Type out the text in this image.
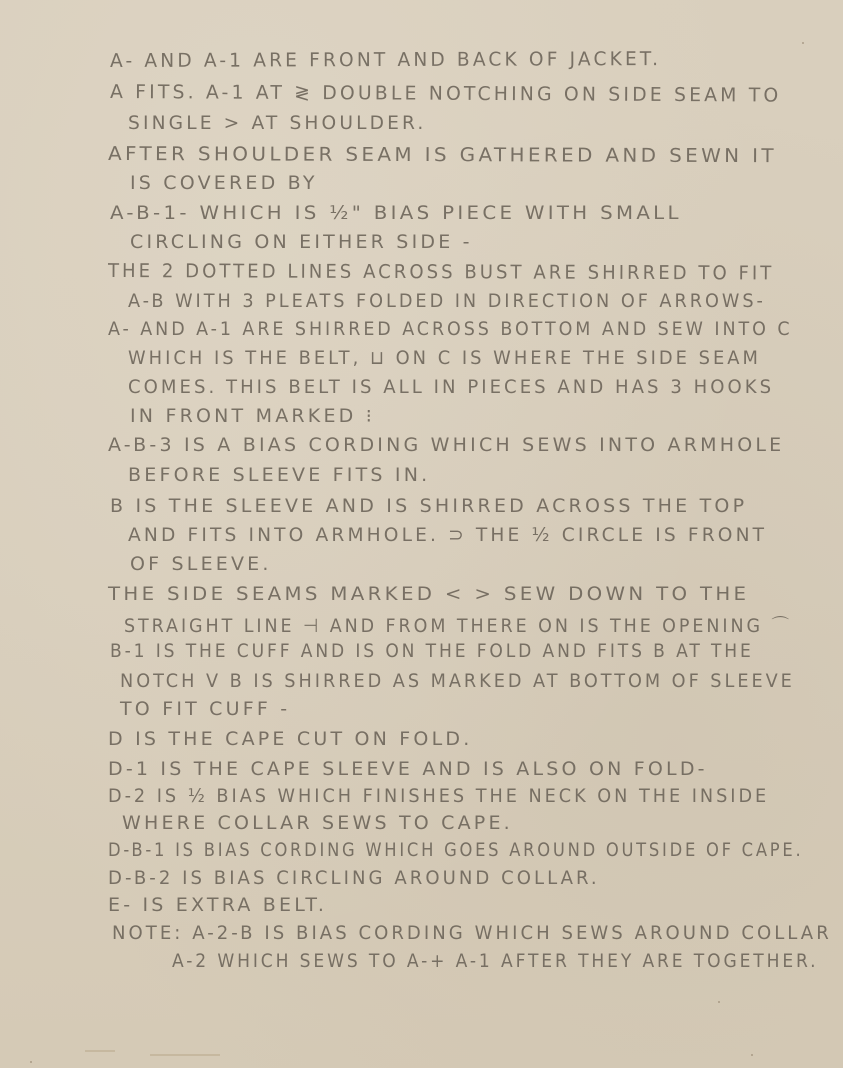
A- AND A-1 ARE FRONT AND BACK OF JACKET.
A FITS. A-1 AT ≷ DOUBLE NOTCHING ON SIDE SEAM TO
SINGLE > AT SHOULDER.
AFTER SHOULDER SEAM IS GATHERED AND SEWN IT
IS COVERED BY
A-B-1- WHICH IS ½" BIAS PIECE WITH SMALL
CIRCLING ON EITHER SIDE -
THE 2 DOTTED LINES ACROSS BUST ARE SHIRRED TO FIT
A-B WITH 3 PLEATS FOLDED IN DIRECTION OF ARROWS-
A- AND A-1 ARE SHIRRED ACROSS BOTTOM AND SEW INTO C
WHICH IS THE BELT, ⊔ ON C IS WHERE THE SIDE SEAM
COMES. THIS BELT IS ALL IN PIECES AND HAS 3 HOOKS
IN FRONT MARKED ⁝
A-B-3 IS A BIAS CORDING WHICH SEWS INTO ARMHOLE
BEFORE SLEEVE FITS IN.
B IS THE SLEEVE AND IS SHIRRED ACROSS THE TOP
AND FITS INTO ARMHOLE. ⊃ THE ½ CIRCLE IS FRONT
OF SLEEVE.
THE SIDE SEAMS MARKED < > SEW DOWN TO THE
STRAIGHT LINE ⊣ AND FROM THERE ON IS THE OPENING ⌒
B-1 IS THE CUFF AND IS ON THE FOLD AND FITS B AT THE
NOTCH V B IS SHIRRED AS MARKED AT BOTTOM OF SLEEVE
TO FIT CUFF -
D IS THE CAPE CUT ON FOLD.
D-1 IS THE CAPE SLEEVE AND IS ALSO ON FOLD-
D-2 IS ½ BIAS WHICH FINISHES THE NECK ON THE INSIDE
WHERE COLLAR SEWS TO CAPE.
D-B-1 IS BIAS CORDING WHICH GOES AROUND OUTSIDE OF CAPE.
D-B-2 IS BIAS CIRCLING AROUND COLLAR.
E- IS EXTRA BELT.
NOTE: A-2-B IS BIAS CORDING WHICH SEWS AROUND COLLAR
A-2 WHICH SEWS TO A-+ A-1 AFTER THEY ARE TOGETHER.
